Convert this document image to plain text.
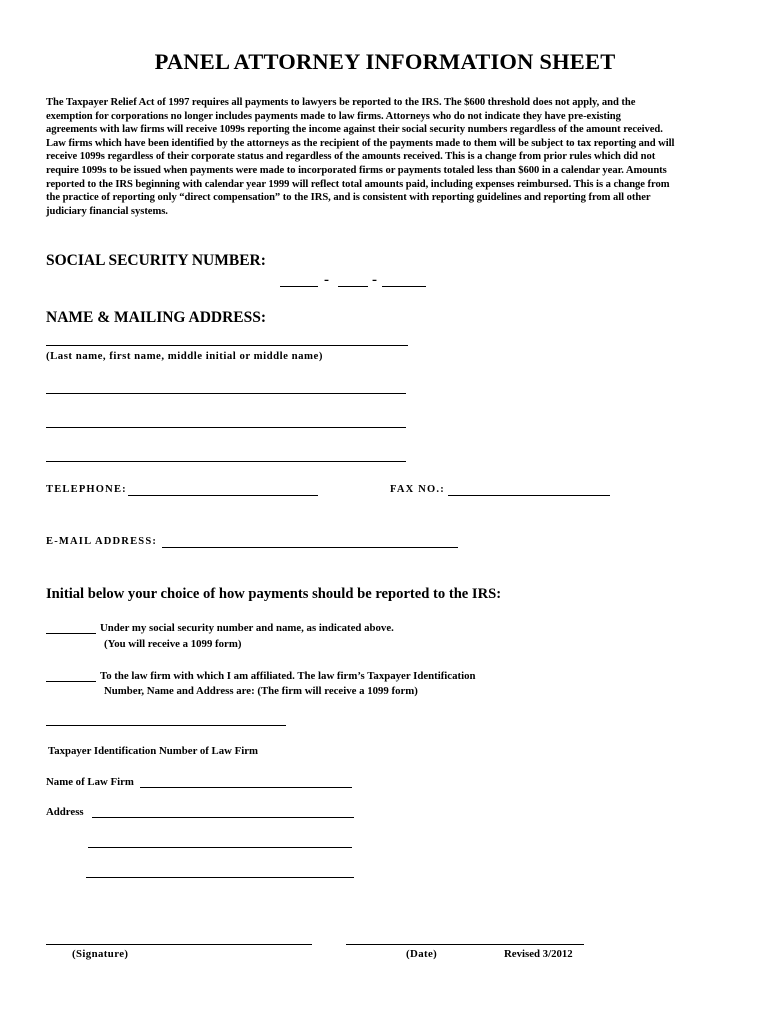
PANEL ATTORNEY INFORMATION SHEET
The Taxpayer Relief Act of 1997 requires all payments to lawyers be reported to the IRS. The $600 threshold does not apply, and the
exemption for corporations no longer includes payments made to law firms. Attorneys who do not indicate they have pre-existing
agreements with law firms will receive 1099s reporting the income against their social security numbers regardless of the amount received.
Law firms which have been identified by the attorneys as the recipient of the payments made to them will be subject to tax reporting and will
receive 1099s regardless of their corporate status and regardless of the amounts received. This is a change from prior rules which did not
require 1099s to be issued when payments were made to incorporated firms or payments totaled less than $600 in a calendar year. Amounts
reported to the IRS beginning with calendar year 1999 will reflect total amounts paid, including expenses reimbursed. This is a change from
the practice of reporting only “direct compensation” to the IRS, and is consistent with reporting guidelines and reporting from all other
judiciary financial systems.
SOCIAL SECURITY NUMBER:
-	-
NAME & MAILING ADDRESS:
(Last name, first name, middle initial or middle name)
TELEPHONE:	FAX NO.:
E-MAIL ADDRESS:
Initial below your choice of how payments should be reported to the IRS:
Under my social security number and name, as indicated above.
(You will receive a 1099 form)
To the law firm with which I am affiliated. The law firm’s Taxpayer Identification
Number, Name and Address are: (The firm will receive a 1099 form)
Taxpayer Identification Number of Law Firm
Name of Law Firm
Address
(Signature)	(Date)	Revised 3/2012
